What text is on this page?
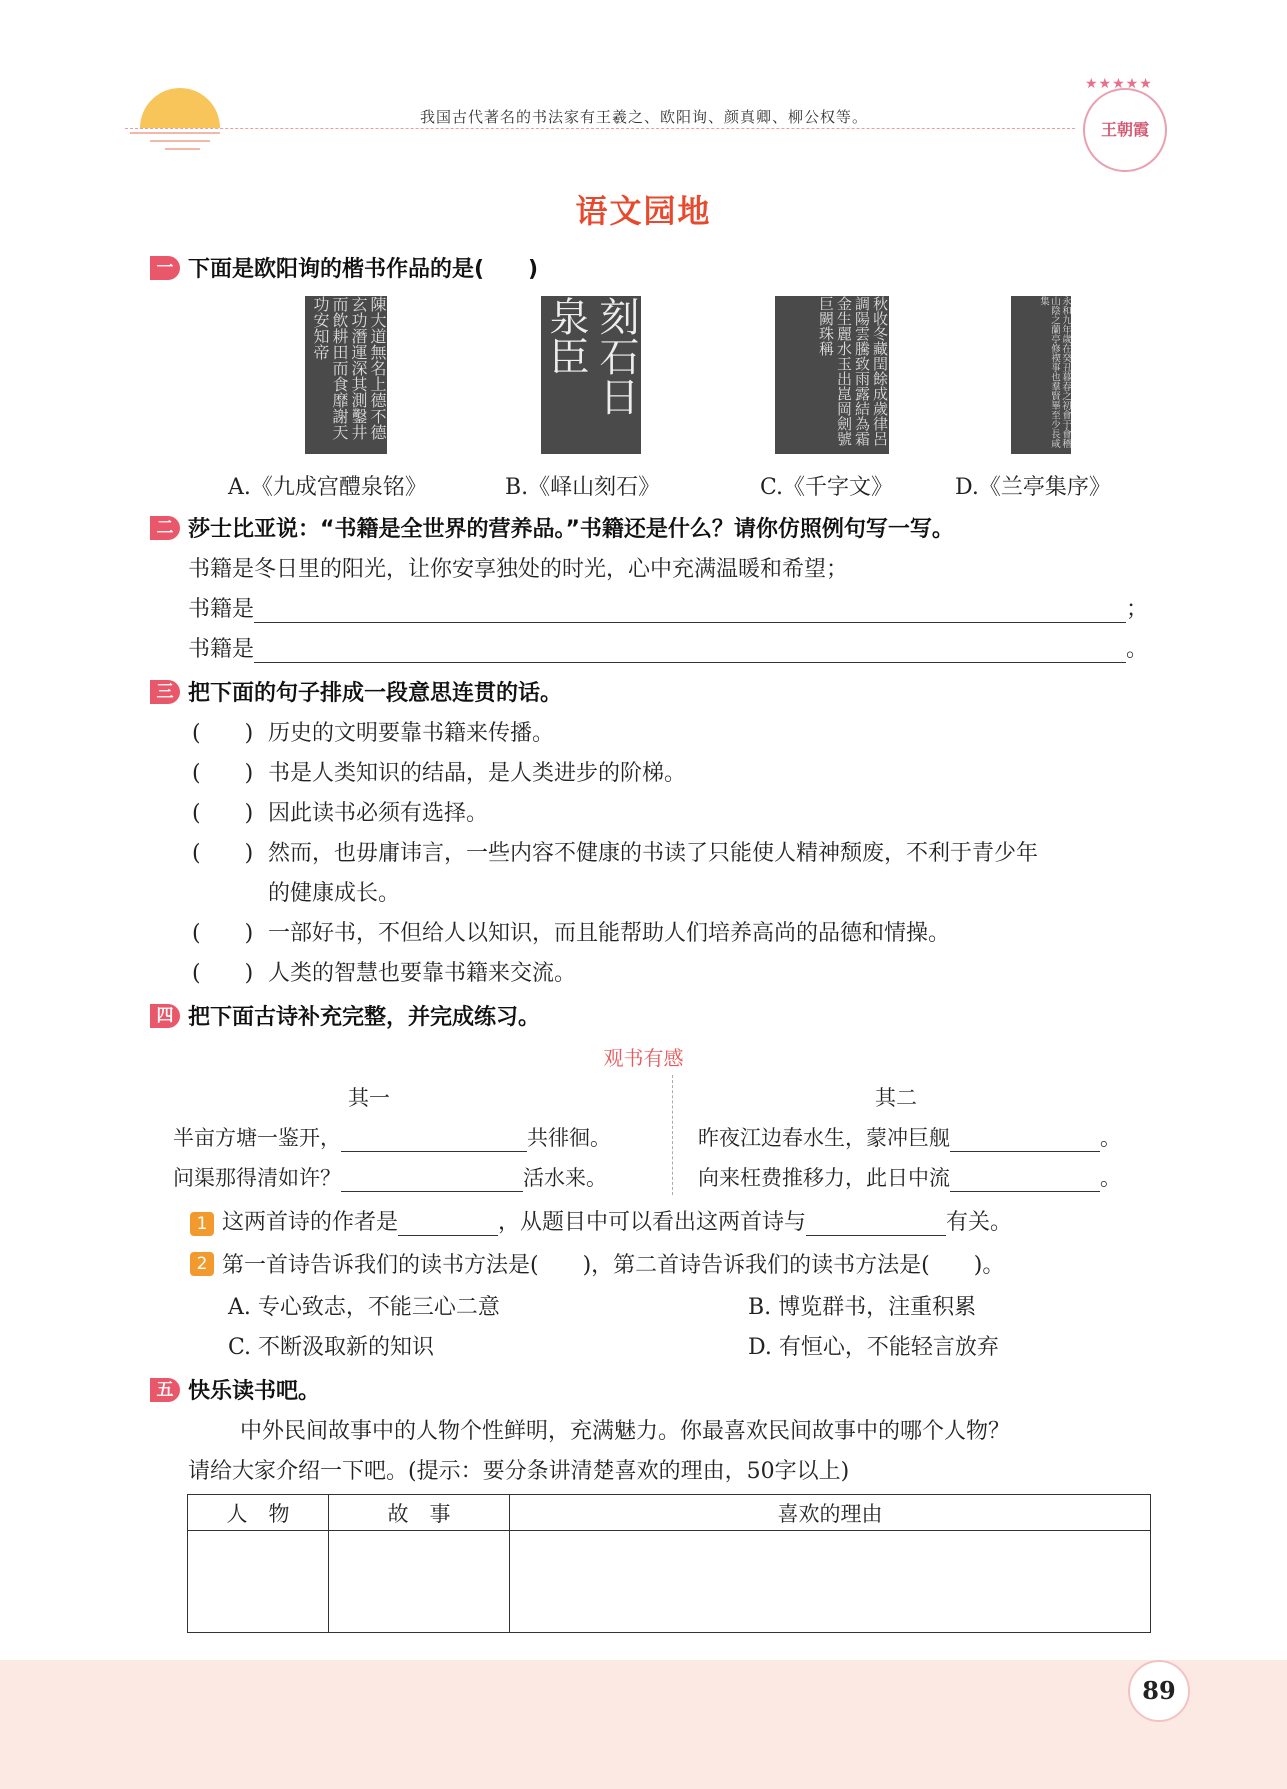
我国古代著名的书法家有王羲之、欧阳询、颜真卿、柳公权等。
★★★★★
王朝霞
语文园地
一 下面是欧阳询的楷书作品的是(　　)
陳大道無名上德不德玄功潛運深其測鑿井而飲耕田而食靡謝天功安知帝	刻石日泉臣	秋收冬藏閏餘成歲律呂調陽雲騰致雨露結為霜金生麗水玉出崑岡劍號巨闕珠稱	永和九年歲在癸丑暮春之初會于會稽山陰之蘭亭修禊事也羣賢畢至少長咸集
A.《九成宫醴泉铭》	B.《峄山刻石》	C.《千字文》	D.《兰亭集序》
二 莎士比亚说：“书籍是全世界的营养品。”书籍还是什么？请你仿照例句写一写。
书籍是冬日里的阳光，让你安享独处的时光，心中充满温暖和希望；
书籍是	；
书籍是	。
三 把下面的句子排成一段意思连贯的话。
(　　) 历史的文明要靠书籍来传播。
(　　) 书是人类知识的结晶，是人类进步的阶梯。
(　　) 因此读书必须有选择。
(　　) 然而，也毋庸讳言，一些内容不健康的书读了只能使人精神颓废，不利于青少年
的健康成长。
(　　) 一部好书，不但给人以知识，而且能帮助人们培养高尚的品德和情操。
(　　) 人类的智慧也要靠书籍来交流。
四 把下面古诗补充完整，并完成练习。
观书有感
其一	其二
半亩方塘一鉴开，	共徘徊。
问渠那得清如许？	活水来。
昨夜江边春水生，蒙冲巨舰	。
向来枉费推移力，此日中流	。
1 这两首诗的作者是	，从题目中可以看出这两首诗与	有关。
2 第一首诗告诉我们的读书方法是(　　)，第二首诗告诉我们的读书方法是(　　)。
A. 专心致志，不能三心二意	B. 博览群书，注重积累
C. 不断汲取新的知识	D. 有恒心，不能轻言放弃
五 快乐读书吧。
中外民间故事中的人物个性鲜明，充满魅力。你最喜欢民间故事中的哪个人物？
请给大家介绍一下吧。(提示：要分条讲清楚喜欢的理由，50字以上)
人　物	故　事	喜欢的理由

89
